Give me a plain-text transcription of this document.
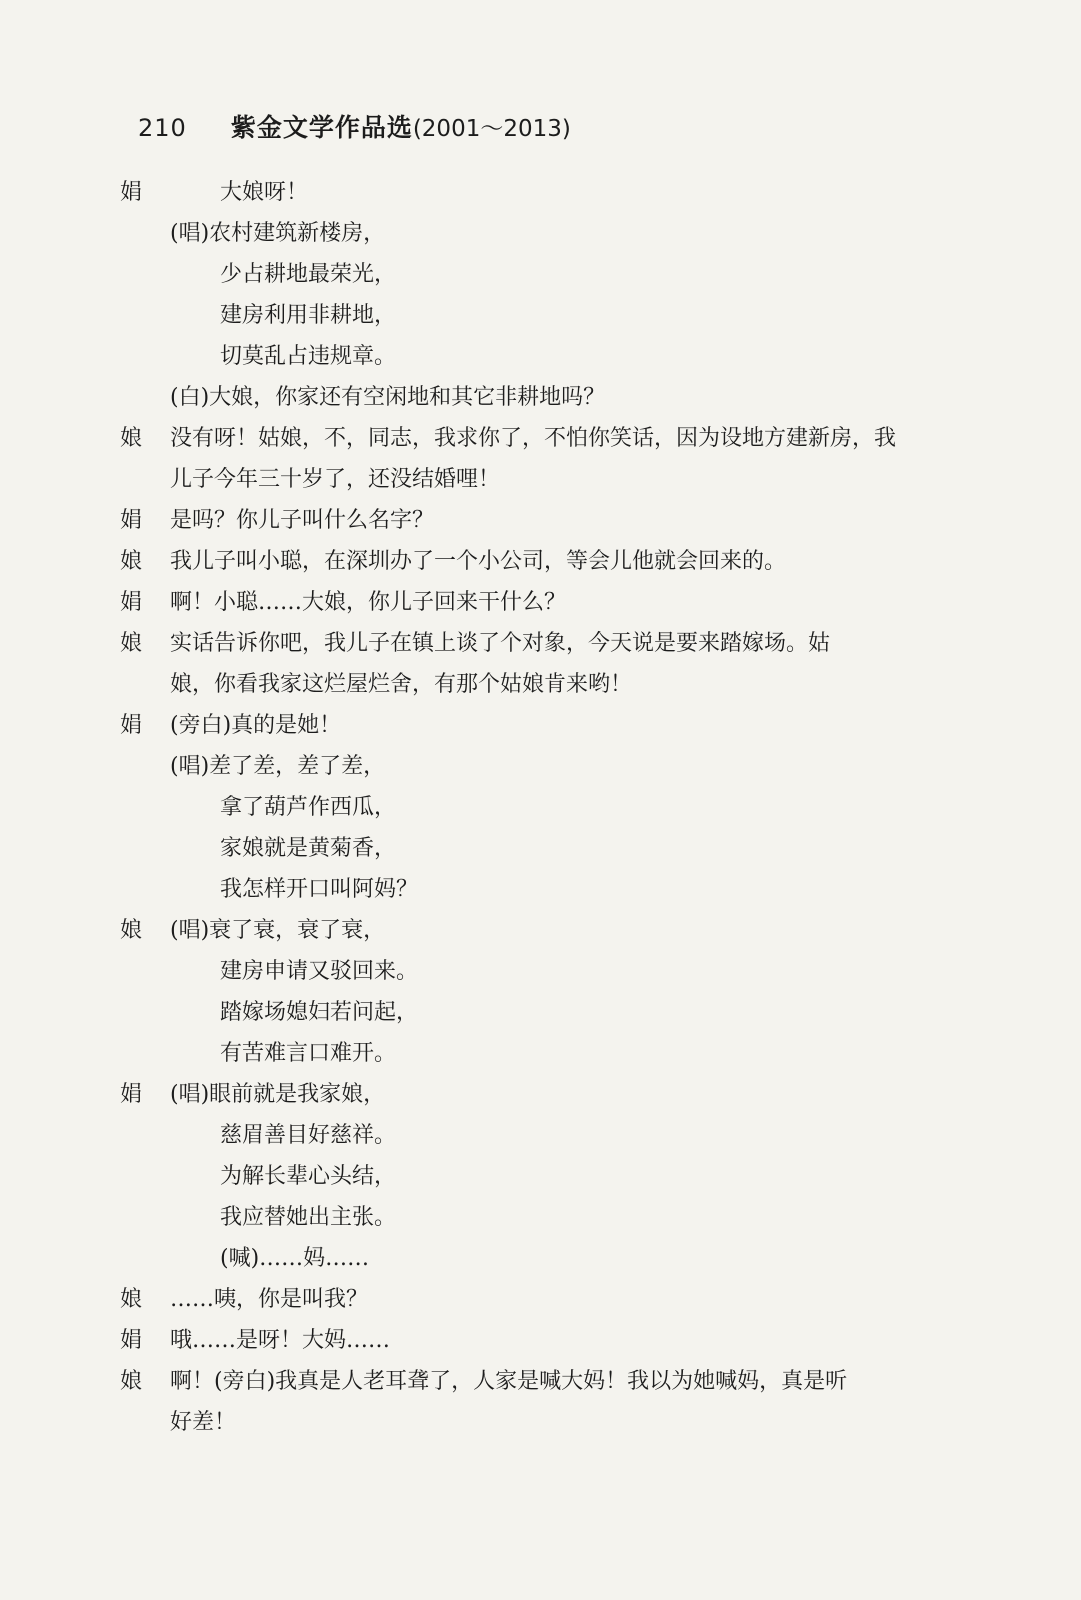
210 紫金文学作品选 (2001～2013)
娟	大娘呀！
(唱)农村建筑新楼房，
少占耕地最荣光，
建房利用非耕地，
切莫乱占违规章。
(白)大娘，你家还有空闲地和其它非耕地吗？
娘 没有呀！姑娘，不，同志，我求你了，不怕你笑话，因为设地方建新房，我
儿子今年三十岁了，还没结婚哩！
娟 是吗？你儿子叫什么名字？
娘 我儿子叫小聪，在深圳办了一个小公司，等会儿他就会回来的。
娟 啊！小聪……大娘，你儿子回来干什么？
娘 实话告诉你吧，我儿子在镇上谈了个对象，今天说是要来踏嫁场。姑
娘，你看我家这烂屋烂舍，有那个姑娘肯来哟！
娟 (旁白)真的是她！
(唱)差了差，差了差，
拿了葫芦作西瓜，
家娘就是黄菊香，
我怎样开口叫阿妈？
娘 (唱)衰了衰，衰了衰，
建房申请又驳回来。
踏嫁场媳妇若问起，
有苦难言口难开。
娟 (唱)眼前就是我家娘，
慈眉善目好慈祥。
为解长辈心头结，
我应替她出主张。
(喊)……妈……
娘 ……咦，你是叫我？
娟 哦……是呀！大妈……
娘 啊！(旁白)我真是人老耳聋了，人家是喊大妈！我以为她喊妈，真是听
好差！
